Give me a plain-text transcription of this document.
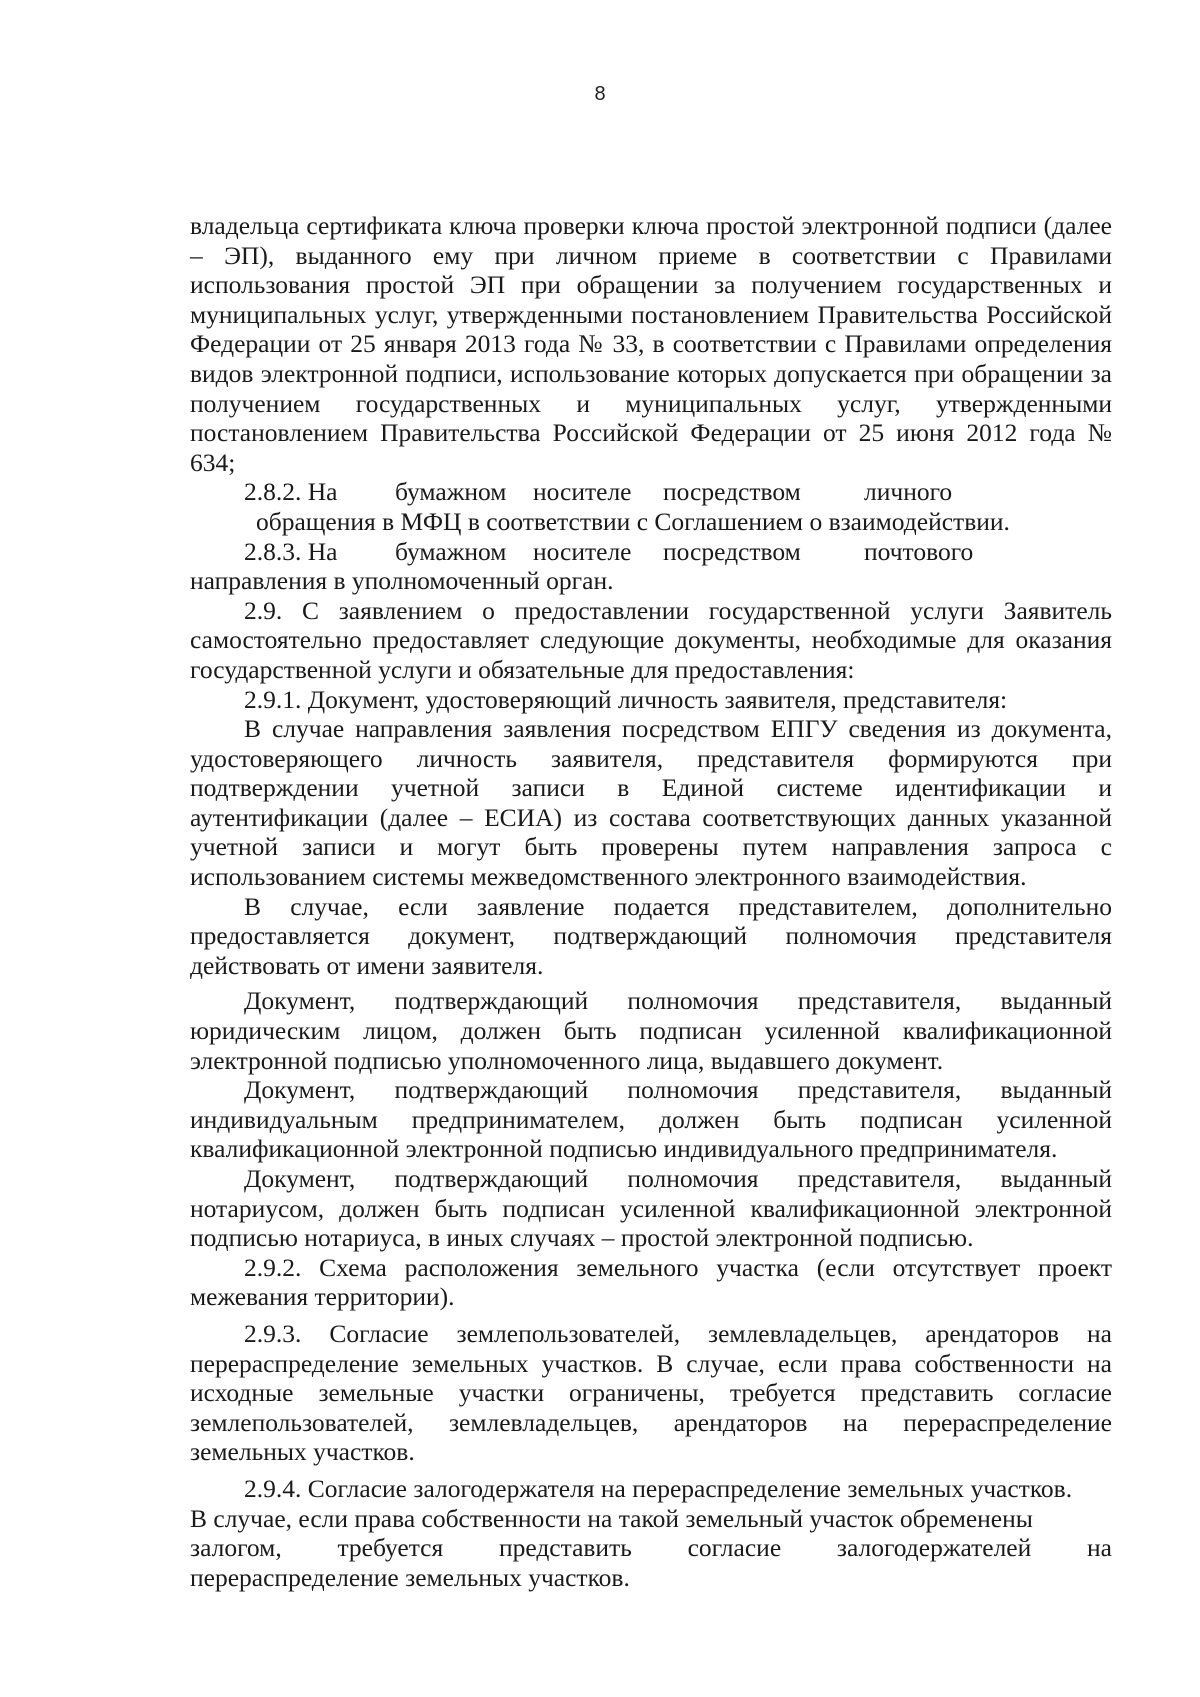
8

владельца сертификата ключа проверки ключа простой электронной подписи (далее – ЭП), выданного ему при личном приеме в соответствии с Правилами использования простой ЭП при обращении за получением государственных и муниципальных услуг, утвержденными постановлением Правительства Российской Федерации от 25 января 2013 года № 33, в соответствии с Правилами определения видов электронной подписи, использование которых допускается при обращении за получением государственных и муниципальных услуг, утвержденными постановлением Правительства Российской Федерации от 25 июня 2012 года № 634;

2.8.2. На	бумажном	носителе	посредством	личного
обращения в МФЦ в соответствии с Соглашением о взаимодействии.
2.8.3. На	бумажном	носителе	посредством	почтового
направления в уполномоченный орган.

2.9. С заявлением о предоставлении государственной услуги Заявитель самостоятельно предоставляет следующие документы, необходимые для оказания государственной услуги и обязательные для предоставления:

2.9.1. Документ, удостоверяющий личность заявителя, представителя:

В случае направления заявления посредством ЕПГУ сведения из документа, удостоверяющего личность заявителя, представителя формируются при подтверждении учетной записи в Единой системе идентификации и аутентификации (далее – ЕСИА) из состава соответствующих данных указанной учетной записи и могут быть проверены путем направления запроса с использованием системы межведомственного электронного взаимодействия.

В случае, если заявление подается представителем, дополнительно предоставляется документ, подтверждающий полномочия представителя действовать от имени заявителя.

Документ, подтверждающий полномочия представителя, выданный юридическим лицом, должен быть подписан усиленной квалификационной электронной подписью уполномоченного лица, выдавшего документ.

Документ, подтверждающий полномочия представителя, выданный индивидуальным предпринимателем, должен быть подписан усиленной квалификационной электронной подписью индивидуального предпринимателя.

Документ, подтверждающий полномочия представителя, выданный нотариусом, должен быть подписан усиленной квалификационной электронной подписью нотариуса, в иных случаях – простой электронной подписью.

2.9.2. Схема расположения земельного участка (если отсутствует проект межевания территории).

2.9.3. Согласие землепользователей, землевладельцев, арендаторов на перераспределение земельных участков. В случае, если права собственности на исходные земельные участки ограничены, требуется представить согласие землепользователей, землевладельцев, арендаторов на перераспределение земельных участков.

2.9.4. Согласие залогодержателя на перераспределение земельных участков.
В случае, если права собственности на такой земельный участок обременены
залогом, требуется представить согласие залогодержателей на
перераспределение земельных участков.
